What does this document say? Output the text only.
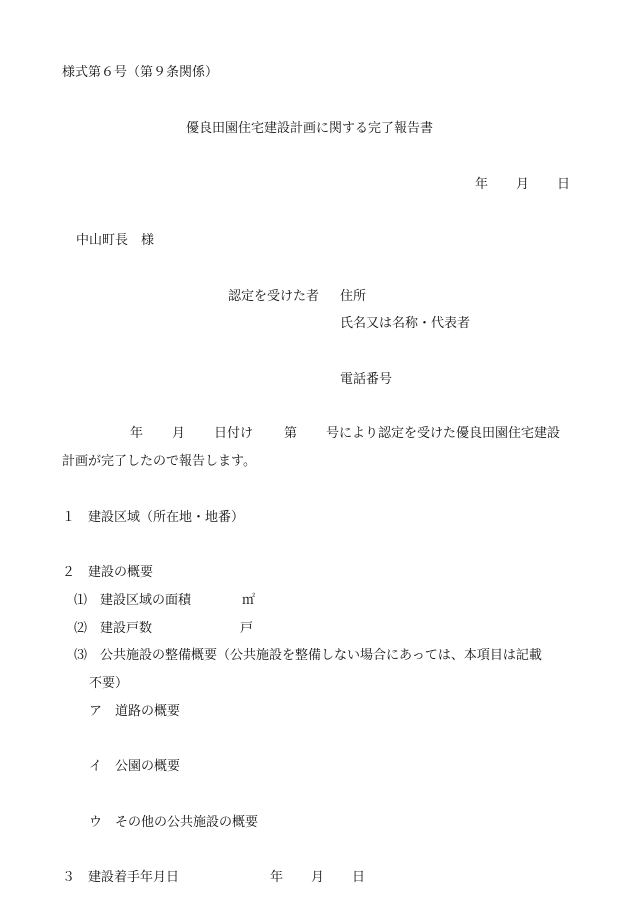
様式第６号（第９条関係）
優良田園住宅建設計画に関する完了報告書
年 月 日
中山町長　様
認定を受けた者 住所
氏名又は名称・代表者
電話番号
年 月 日付け 第 号により認定を受けた優良田園住宅建設
計画が完了したので報告します。
１　建設区域（所在地・地番）
２　建設の概要
⑴　建設区域の面積	㎡
⑵　建設戸数	戸
⑶　公共施設の整備概要（公共施設を整備しない場合にあっては、本項目は記載
不要）
ア　道路の概要
イ　公園の概要
ウ　その他の公共施設の概要
３　建設着手年月日	年 月 日
